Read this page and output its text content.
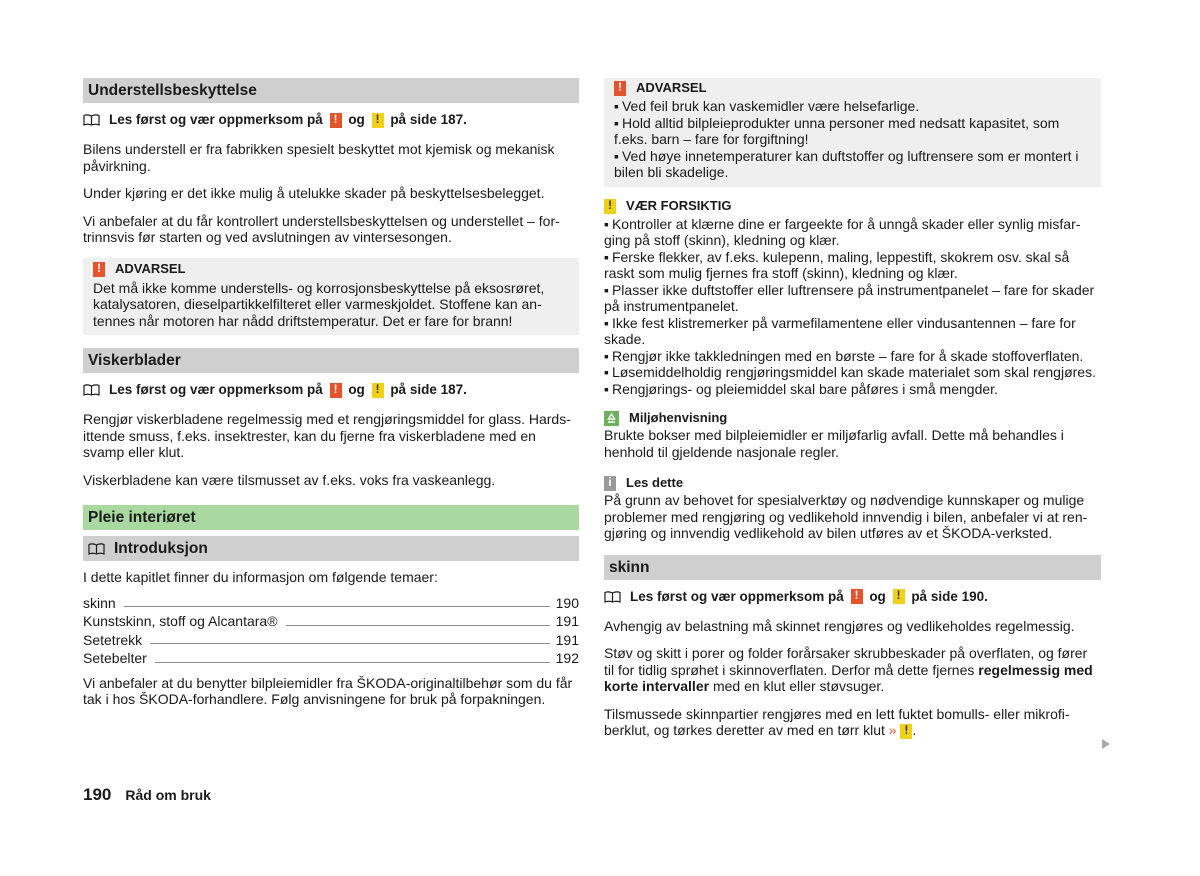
Understellsbeskyttelse
Les først og vær oppmerksom på ! og ! på side 187.

Bilens understell er fra fabrikken spesielt beskyttet mot kjemisk og mekanisk påvirkning.

Under kjøring er det ikke mulig å utelukke skader på beskyttelsesbelegget.

Vi anbefaler at du får kontrollert understellsbeskyttelsen og understellet – fortrinnsvis før starten og ved avslutningen av vintersesongen.

!	ADVARSEL

Det må ikke komme understells- og korrosjonsbeskyttelse på eksosrøret, katalysatoren, dieselpartikkelfilteret eller varmeskjoldet. Stoffene kan antennes når motoren har nådd driftstemperatur. Det er fare for brann!

Viskerblader
Les først og vær oppmerksom på ! og ! på side 187.

Rengjør viskerbladene regelmessig med et rengjøringsmiddel for glass. Hardsittende smuss, f.eks. insektrester, kan du fjerne fra viskerbladene med en svamp eller klut.

Viskerbladene kan være tilsmusset av f.eks. voks fra vaskeanlegg.

Pleie interiøret
Introduksjon

I dette kapitlet finner du informasjon om følgende temaer:

skinn	190
Kunstskinn, stoff og Alcantara®	191
Setetrekk	191
Setebelter	192

Vi anbefaler at du benytter bilpleiemidler fra ŠKODA-originaltilbehør som du får tak i hos ŠKODA-forhandlere. Følg anvisningene for bruk på forpakningen.

!	ADVARSEL
▪ Ved feil bruk kan vaskemidler være helsefarlige.
▪ Hold alltid bilpleieprodukter unna personer med nedsatt kapasitet, som f.eks. barn – fare for forgiftning!
▪ Ved høye innetemperaturer kan duftstoffer og luftrensere som er montert i bilen bli skadelige.
!	VÆR FORSIKTIG
▪ Kontroller at klærne dine er fargeekte for å unngå skader eller synlig misfarging på stoff (skinn), kledning og klær.
▪ Ferske flekker, av f.eks. kulepenn, maling, leppestift, skokrem osv. skal så raskt som mulig fjernes fra stoff (skinn), kledning og klær.
▪ Plasser ikke duftstoffer eller luftrensere på instrumentpanelet – fare for skader på instrumentpanelet.
▪ Ikke fest klistremerker på varmefilamentene eller vindusantennen – fare for skade.
▪ Rengjør ikke takkledningen med en børste – fare for å skade stoffoverflaten.
▪ Løsemiddelholdig rengjøringsmiddel kan skade materialet som skal rengjøres.
▪ Rengjørings- og pleiemiddel skal bare påføres i små mengder.
Miljøhenvisning

Brukte bokser med bilpleiemidler er miljøfarlig avfall. Dette må behandles i henhold til gjeldende nasjonale regler.

i	Les dette

På grunn av behovet for spesialverktøy og nødvendige kunnskaper og mulige problemer med rengjøring og vedlikehold innvendig i bilen, anbefaler vi at rengjøring og innvendig vedlikehold av bilen utføres av et ŠKODA-verksted.

skinn
Les først og vær oppmerksom på ! og ! på side 190.

Avhengig av belastning må skinnet rengjøres og vedlikeholdes regelmessig.

Støv og skitt i porer og folder forårsaker skrubbeskader på overflaten, og fører til for tidlig sprøhet i skinnoverflaten. Derfor må dette fjernes regelmessig med korte intervaller med en klut eller støvsuger.

Tilsmussede skinnpartier rengjøres med en lett fuktet bomulls- eller mikrofiberklut, og tørkes deretter av med en tørr klut » ! .

190 Råd om bruk
